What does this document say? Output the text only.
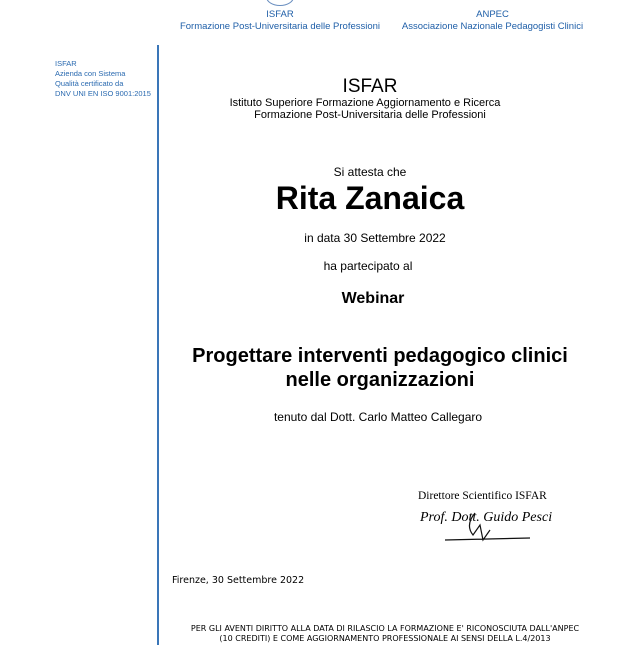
ISFAR
Formazione Post-Universitaria delle Professioni
ANPEC
Associazione Nazionale Pedagogisti Clinici
ISFAR
Azienda con Sistema
Qualità certificato da
DNV UNI EN ISO 9001:2015	ISFAR
Istituto Superiore Formazione Aggiornamento e Ricerca
Formazione Post-Universitaria delle Professioni
Si attesta che
Rita Zanaica
in data 30 Settembre 2022
ha partecipato al
Webinar
Progettare interventi pedagogico clinici
nelle organizzazioni
tenuto dal Dott. Carlo Matteo Callegaro
Direttore Scientifico ISFAR
Prof. Dott. Guido Pesci
Firenze, 30 Settembre 2022
PER GLI AVENTI DIRITTO ALLA DATA DI RILASCIO LA FORMAZIONE E' RICONOSCIUTA DALL'ANPEC
(10 CREDITI) E COME AGGIORNAMENTO PROFESSIONALE AI SENSI DELLA L.4/2013
